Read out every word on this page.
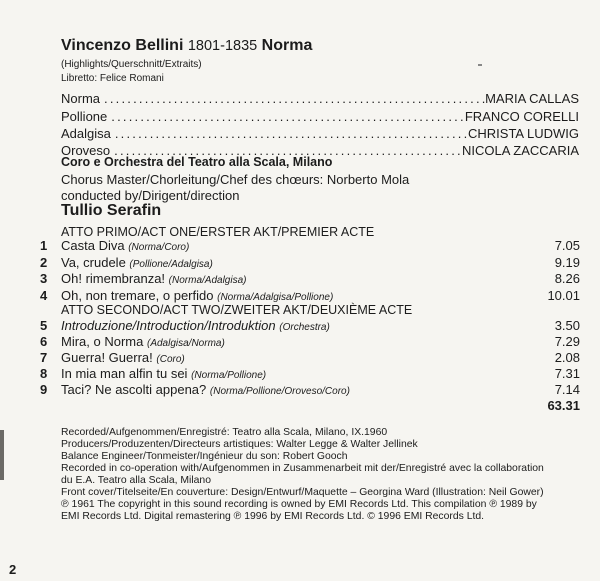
Vincenzo Bellini 1801-1835 Norma
(Highlights/Querschnitt/Extraits)
Libretto: Felice Romani
Norma .....	MARIA CALLAS
Pollione .....	FRANCO CORELLI
Adalgisa .....	CHRISTA LUDWIG
Oroveso .....	NICOLA ZACCARIA
Coro e Orchestra del Teatro alla Scala, Milano
Chorus Master/Chorleitung/Chef des chœurs: Norberto Mola
conducted by/Dirigent/direction
Tullio Serafin
ATTO PRIMO/ACT ONE/ERSTER AKT/PREMIER ACTE
1 Casta Diva (Norma/Coro)	7.05
2 Va, crudele (Pollione/Adalgisa)	9.19
3 Oh! rimembranza! (Norma/Adalgisa)	8.26
4 Oh, non tremare, o perfido (Norma/Adalgisa/Pollione)	10.01
ATTO SECONDO/ACT TWO/ZWEITER AKT/DEUXIÈME ACTE
5 Introduzione/Introduction/Introduktion (Orchestra)	3.50
6 Mira, o Norma (Adalgisa/Norma)	7.29
7 Guerra! Guerra! (Coro)	2.08
8 In mia man alfin tu sei (Norma/Pollione)	7.31
9 Taci? Ne ascolti appena? (Norma/Pollione/Oroveso/Coro)	7.14
63.31
Recorded/Aufgenommen/Enregistré: Teatro alla Scala, Milano, IX.1960
Producers/Produzenten/Directeurs artistiques: Walter Legge & Walter Jellinek
Balance Engineer/Tonmeister/Ingénieur du son: Robert Gooch
Recorded in co-operation with/Aufgenommen in Zusammenarbeit mit der/Enregistré avec la collaboration
du E.A. Teatro alla Scala, Milano
Front cover/Titelseite/En couverture: Design/Entwurf/Maquette – Georgina Ward (Illustration: Neil Gower)
℗ 1961 The copyright in this sound recording is owned by EMI Records Ltd. This compilation ℗ 1989 by
EMI Records Ltd. Digital remastering ℗ 1996 by EMI Records Ltd. © 1996 EMI Records Ltd.
2
